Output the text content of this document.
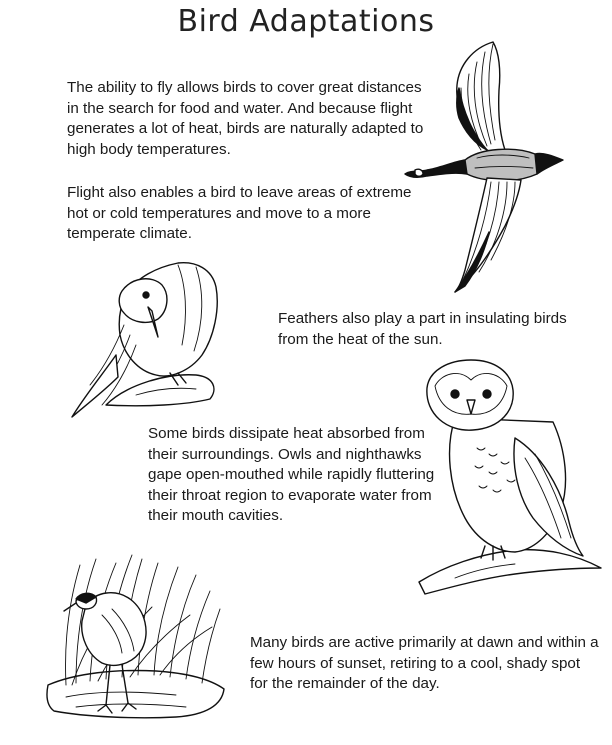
Bird Adaptations

The ability to fly allows birds to cover great distances in the search for food and water. And because flight generates a lot of heat, birds are naturally adapted to high body temperatures.

Flight also enables a bird to leave areas of extreme hot or cold temperatures and move to a more temperate climate.

Feathers also play a part in insulating birds from the heat of the sun.

Some birds dissipate heat absorbed from their surroundings. Owls and nighthawks gape open-mouthed while rapidly fluttering their throat region to evaporate water from their mouth cavities.

Many birds are active primarily at dawn and within a few hours of sunset, retiring to a cool, shady spot for the remainder of the day.
